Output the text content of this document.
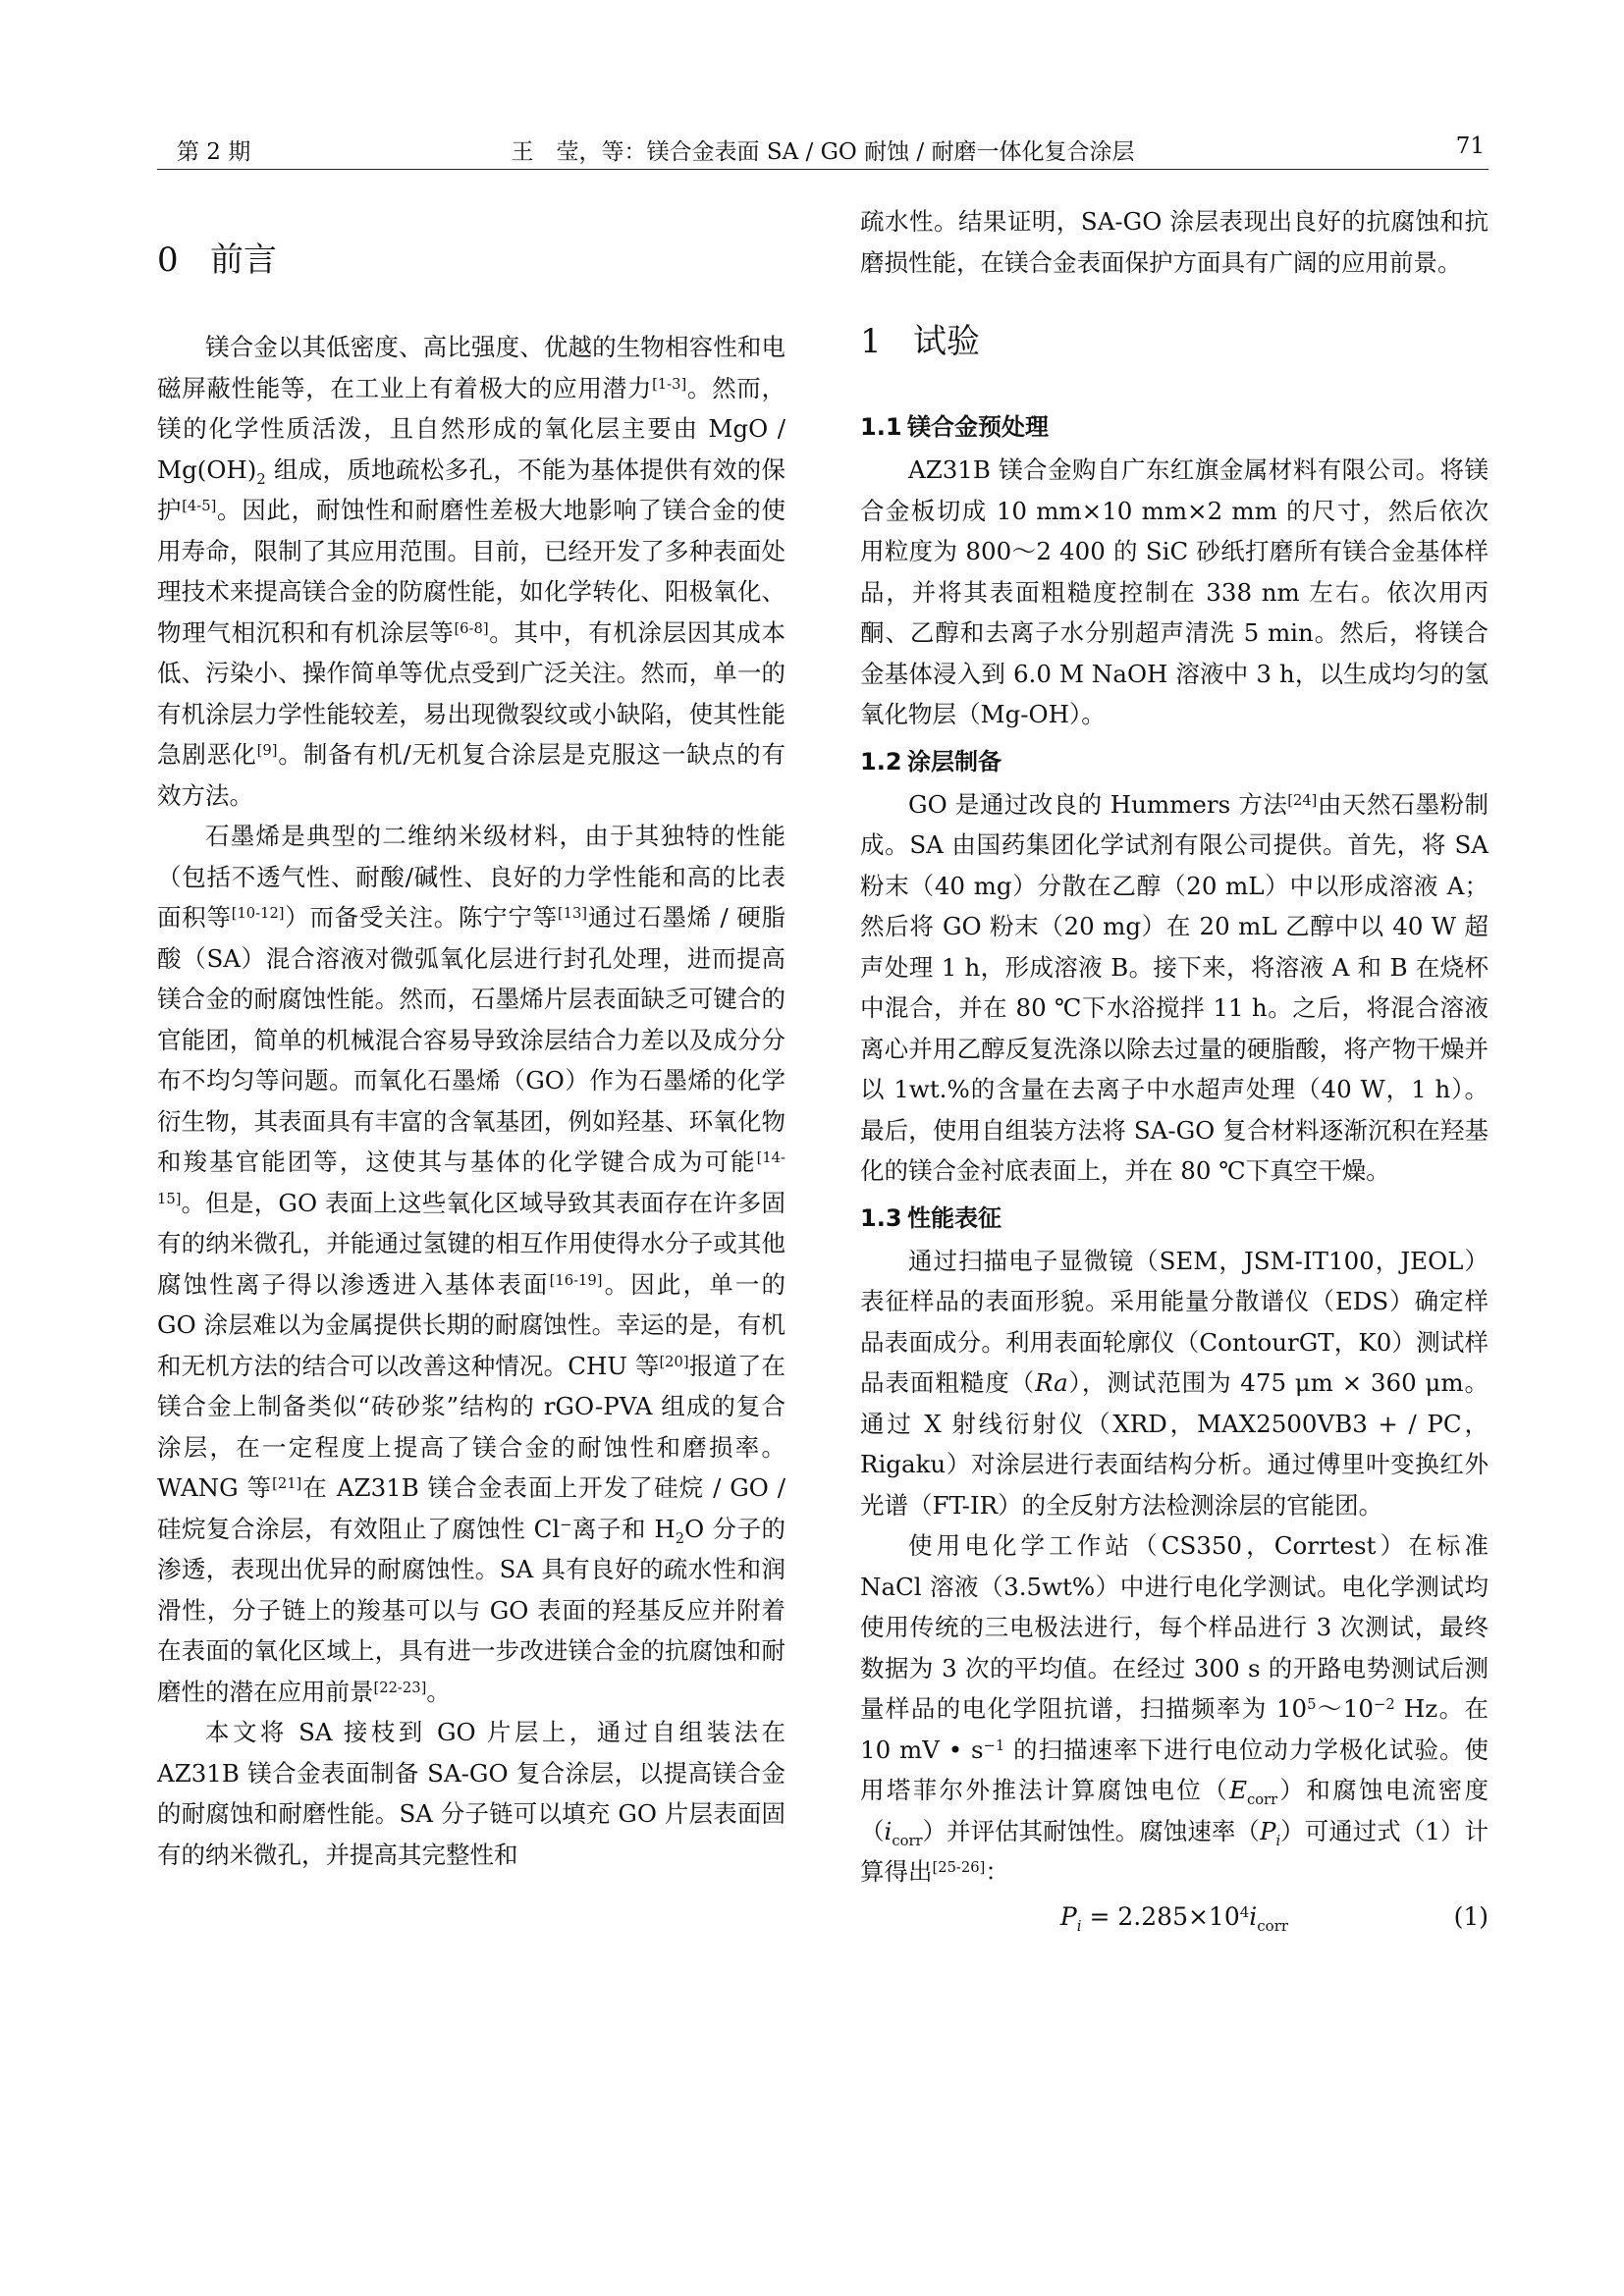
第 2 期	王　莹，等：镁合金表面 SA / GO 耐蚀 / 耐磨一体化复合涂层	71
0 前言

镁合金以其低密度、高比强度、优越的生物相容性和电磁屏蔽性能等，在工业上有着极大的应用潜力[1-3]。然而，镁的化学性质活泼，且自然形成的氧化层主要由 MgO / $Mg(OH)_2$ 组成，质地疏松多孔，不能为基体提供有效的保护[4-5]。因此，耐蚀性和耐磨性差极大地影响了镁合金的使用寿命，限制了其应用范围。目前，已经开发了多种表面处理技术来提高镁合金的防腐性能，如化学转化、阳极氧化、物理气相沉积和有机涂层等[6-8]。其中，有机涂层因其成本低、污染小、操作简单等优点受到广泛关注。然而，单一的有机涂层力学性能较差，易出现微裂纹或小缺陷，使其性能急剧恶化[9]。制备有机/无机复合涂层是克服这一缺点的有效方法。

石墨烯是典型的二维纳米级材料，由于其独特的性能（包括不透气性、耐酸/碱性、良好的力学性能和高的比表面积等[10-12]）而备受关注。陈宁宁等[13]通过石墨烯 / 硬脂酸（SA）混合溶液对微弧氧化层进行封孔处理，进而提高镁合金的耐腐蚀性能。然而，石墨烯片层表面缺乏可键合的官能团，简单的机械混合容易导致涂层结合力差以及成分分布不均匀等问题。而氧化石墨烯（GO）作为石墨烯的化学衍生物，其表面具有丰富的含氧基团，例如羟基、环氧化物和羧基官能团等，这使其与基体的化学键合成为可能[14-15]。但是，GO 表面上这些氧化区域导致其表面存在许多固有的纳米微孔，并能通过氢键的相互作用使得水分子或其他腐蚀性离子得以渗透进入基体表面[16-19]。因此，单一的 GO 涂层难以为金属提供长期的耐腐蚀性。幸运的是，有机和无机方法的结合可以改善这种情况。CHU 等[20]报道了在镁合金上制备类似“砖砂浆”结构的 rGO-PVA 组成的复合涂层，在一定程度上提高了镁合金的耐蚀性和磨损率。WANG 等[21]在 AZ31B 镁合金表面上开发了硅烷 / GO / 硅烷复合涂层，有效阻止了腐蚀性 Cl−离子和 $H_2O$ 分子的渗透，表现出优异的耐腐蚀性。SA 具有良好的疏水性和润滑性，分子链上的羧基可以与 GO 表面的羟基反应并附着在表面的氧化区域上，具有进一步改进镁合金的抗腐蚀和耐磨性的潜在应用前景[22-23]。

本文将 SA 接枝到 GO 片层上，通过自组装法在 AZ31B 镁合金表面制备 SA-GO 复合涂层，以提高镁合金的耐腐蚀和耐磨性能。SA 分子链可以填充 GO 片层表面固有的纳米微孔，并提高其完整性和

疏水性。结果证明，SA-GO 涂层表现出良好的抗腐蚀和抗磨损性能，在镁合金表面保护方面具有广阔的应用前景。

1 试验
1.1 镁合金预处理

AZ31B 镁合金购自广东红旗金属材料有限公司。将镁合金板切成 10 mm×10 mm×2 mm 的尺寸，然后依次用粒度为 800～2 400 的 SiC 砂纸打磨所有镁合金基体样品，并将其表面粗糙度控制在 338 nm 左右。依次用丙酮、乙醇和去离子水分别超声清洗 5 min。然后，将镁合金基体浸入到 6.0 M NaOH 溶液中 3 h，以生成均匀的氢氧化物层（Mg-OH）。

1.2 涂层制备

GO 是通过改良的 Hummers 方法[24]由天然石墨粉制成。SA 由国药集团化学试剂有限公司提供。首先，将 SA 粉末（40 mg）分散在乙醇（20 mL）中以形成溶液 A；然后将 GO 粉末（20 mg）在 20 mL 乙醇中以 40 W 超声处理 1 h，形成溶液 B。接下来，将溶液 A 和 B 在烧杯中混合，并在 80 ℃下水浴搅拌 11 h。之后，将混合溶液离心并用乙醇反复洗涤以除去过量的硬脂酸，将产物干燥并以 1wt.%的含量在去离子中水超声处理（40 W，1 h）。最后，使用自组装方法将 SA-GO 复合材料逐渐沉积在羟基化的镁合金衬底表面上，并在 80 ℃下真空干燥。

1.3 性能表征

通过扫描电子显微镜（SEM，JSM-IT100，JEOL）表征样品的表面形貌。采用能量分散谱仪（EDS）确定样品表面成分。利用表面轮廓仪（ContourGT，K0）测试样品表面粗糙度（Ra），测试范围为 475 μm × 360 μm。通过 X 射线衍射仪（XRD，MAX2500VB3 + / PC，Rigaku）对涂层进行表面结构分析。通过傅里叶变换红外光谱（FT-IR）的全反射方法检测涂层的官能团。

使用电化学工作站（CS350，Corrtest）在标准 NaCl 溶液（3.5wt%）中进行电化学测试。电化学测试均使用传统的三电极法进行，每个样品进行 3 次测试，最终数据为 3 次的平均值。在经过 300 s 的开路电势测试后测量样品的电化学阻抗谱，扫描频率为 $10^5\sim 10^{-2}$ Hz。在 10 mV • $s^{-1}$ 的扫描速率下进行电位动力学极化试验。使用塔菲尔外推法计算腐蚀电位$(E_{corr})$和腐蚀电流密度$(i_{corr})$并评估其耐蚀性。腐蚀速率$(P_i)$可通过式（1）计算得出[25-26]：

$P_i = 2.285\times 10^4i_{corr}$	(1)
